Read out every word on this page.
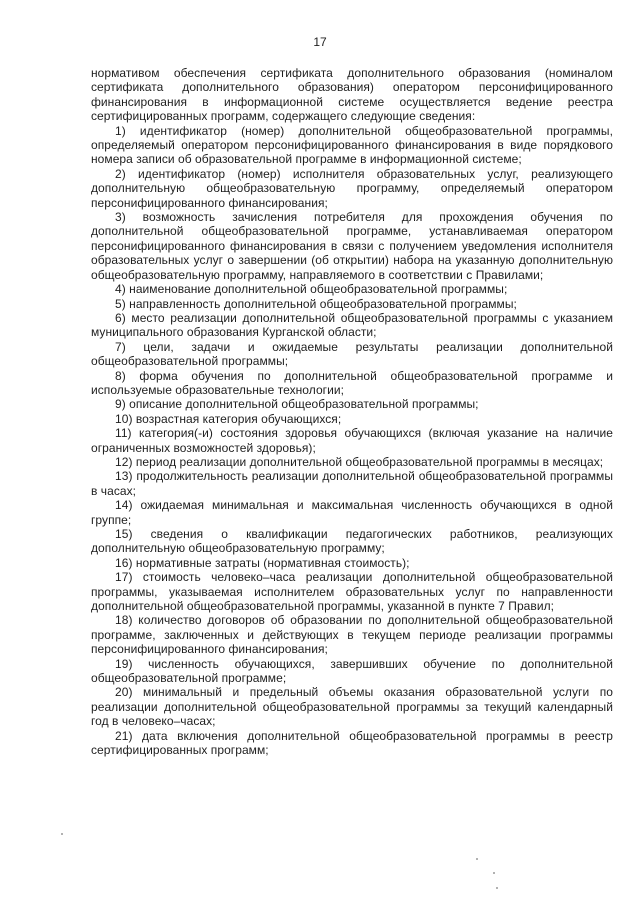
17

нормативом обеспечения сертификата дополнительного образования (номиналом сертификата дополнительного образования) оператором персонифицированного финансирования в информационной системе осуществляется ведение реестра сертифицированных программ, содержащего следующие сведения:

1) идентификатор (номер) дополнительной общеобразовательной программы, определяемый оператором персонифицированного финансирования в виде порядкового номера записи об образовательной программе в информационной системе;

2) идентификатор (номер) исполнителя образовательных услуг, реализующего дополнительную общеобразовательную программу, определяемый оператором персонифицированного финансирования;

3) возможность зачисления потребителя для прохождения обучения по дополнительной общеобразовательной программе, устанавливаемая оператором персонифицированного финансирования в связи с получением уведомления исполнителя образовательных услуг о завершении (об открытии) набора на указанную дополнительную общеобразовательную программу, направляемого в соответствии с Правилами;

4) наименование дополнительной общеобразовательной программы;

5) направленность дополнительной общеобразовательной программы;

6) место реализации дополнительной общеобразовательной программы с указанием муниципального образования Курганской области;

7) цели, задачи и ожидаемые результаты реализации дополнительной общеобразовательной программы;

8) форма обучения по дополнительной общеобразовательной программе и используемые образовательные технологии;

9) описание дополнительной общеобразовательной программы;

10) возрастная категория обучающихся;

11) категория(-и) состояния здоровья обучающихся (включая указание на наличие ограниченных возможностей здоровья);

12) период реализации дополнительной общеобразовательной программы в месяцах;

13) продолжительность реализации дополнительной общеобразовательной программы в часах;

14) ожидаемая минимальная и максимальная численность обучающихся в одной группе;

15) сведения о квалификации педагогических работников, реализующих дополнительную общеобразовательную программу;

16) нормативные затраты (нормативная стоимость);

17) стоимость человеко–часа реализации дополнительной общеобразовательной программы, указываемая исполнителем образовательных услуг по направленности дополнительной общеобразовательной программы, указанной в пункте 7 Правил;

18) количество договоров об образовании по дополнительной общеобразовательной программе, заключенных и действующих в текущем периоде реализации программы персонифицированного финансирования;

19) численность обучающихся, завершивших обучение по дополнительной общеобразовательной программе;

20) минимальный и предельный объемы оказания образовательной услуги по реализации дополнительной общеобразовательной программы за текущий календарный год в человеко–часах;

21) дата включения дополнительной общеобразовательной программы в реестр сертифицированных программ;
